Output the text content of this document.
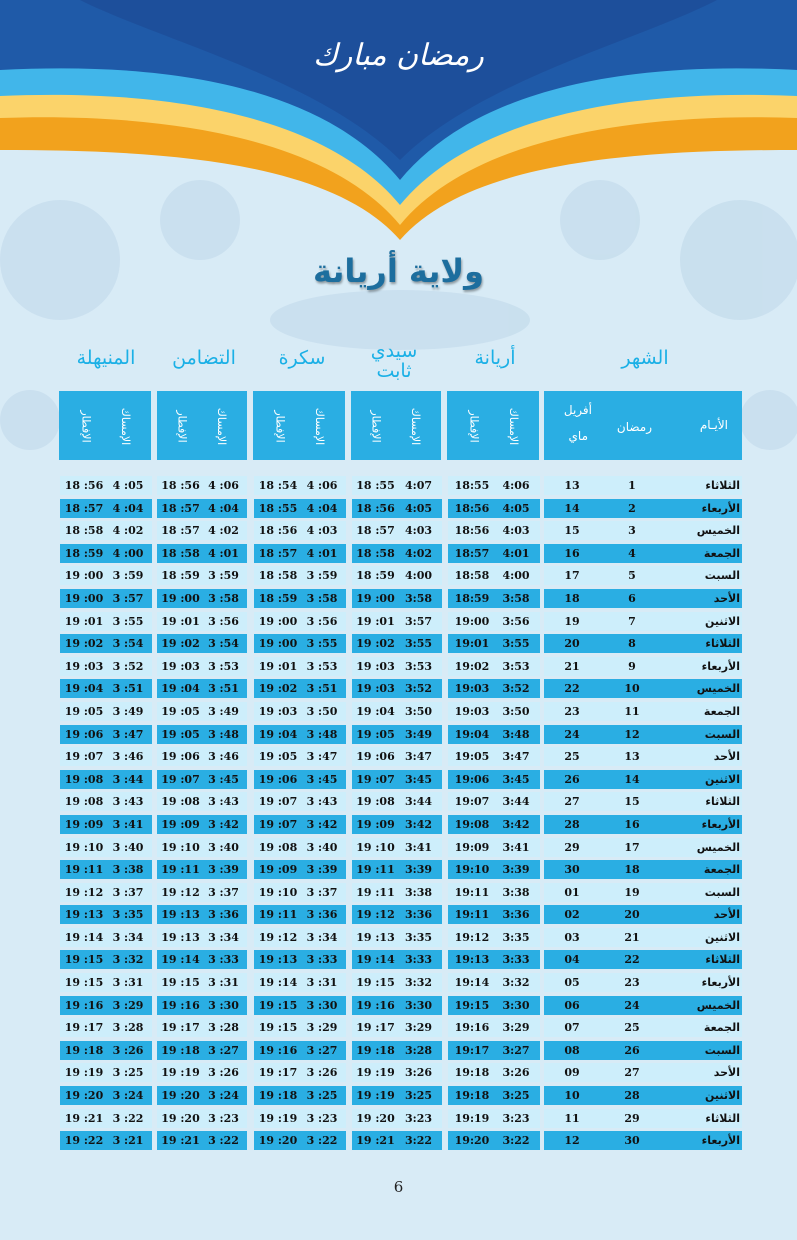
رمضان مبارك
ولاية أريانة
الشهر
أريانة
سيدي ثابت
سكرة
التضامن
المنيهلة
الأيـام
رمضان
أفريل
ماي
الإمساك
الإفطار
الإمساك
الإفطار
الإمساك
الإفطار
الإمساك
الإفطار
الإمساك
الإفطار
الثلاثاء
1
13
4:06
18:55
4:07
18 :55
4 :06
18 :54
4 :06
18 :56
4 :05
18 :56
الأربعاء
2
14
4:05
18:56
4:05
18 :56
4 :04
18 :55
4 :04
18 :57
4 :04
18 :57
الخميس
3
15
4:03
18:56
4:03
18 :57
4 :03
18 :56
4 :02
18 :57
4 :02
18 :58
الجمعة
4
16
4:01
18:57
4:02
18 :58
4 :01
18 :57
4 :01
18 :58
4 :00
18 :59
السبت
5
17
4:00
18:58
4:00
18 :59
3 :59
18 :58
3 :59
18 :59
3 :59
19 :00
الأحد
6
18
3:58
18:59
3:58
19 :00
3 :58
18 :59
3 :58
19 :00
3 :57
19 :00
الاثنين
7
19
3:56
19:00
3:57
19 :01
3 :56
19 :00
3 :56
19 :01
3 :55
19 :01
الثلاثاء
8
20
3:55
19:01
3:55
19 :02
3 :55
19 :00
3 :54
19 :02
3 :54
19 :02
الأربعاء
9
21
3:53
19:02
3:53
19 :03
3 :53
19 :01
3 :53
19 :03
3 :52
19 :03
الخميس
10
22
3:52
19:03
3:52
19 :03
3 :51
19 :02
3 :51
19 :04
3 :51
19 :04
الجمعة
11
23
3:50
19:03
3:50
19 :04
3 :50
19 :03
3 :49
19 :05
3 :49
19 :05
السبت
12
24
3:48
19:04
3:49
19 :05
3 :48
19 :04
3 :48
19 :05
3 :47
19 :06
الأحد
13
25
3:47
19:05
3:47
19 :06
3 :47
19 :05
3 :46
19 :06
3 :46
19 :07
الاثنين
14
26
3:45
19:06
3:45
19 :07
3 :45
19 :06
3 :45
19 :07
3 :44
19 :08
الثلاثاء
15
27
3:44
19:07
3:44
19 :08
3 :43
19 :07
3 :43
19 :08
3 :43
19 :08
الأربعاء
16
28
3:42
19:08
3:42
19 :09
3 :42
19 :07
3 :42
19 :09
3 :41
19 :09
الخميس
17
29
3:41
19:09
3:41
19 :10
3 :40
19 :08
3 :40
19 :10
3 :40
19 :10
الجمعة
18
30
3:39
19:10
3:39
19 :11
3 :39
19 :09
3 :39
19 :11
3 :38
19 :11
السبت
19
01
3:38
19:11
3:38
19 :11
3 :37
19 :10
3 :37
19 :12
3 :37
19 :12
الأحد
20
02
3:36
19:11
3:36
19 :12
3 :36
19 :11
3 :36
19 :13
3 :35
19 :13
الاثنين
21
03
3:35
19:12
3:35
19 :13
3 :34
19 :12
3 :34
19 :13
3 :34
19 :14
الثلاثاء
22
04
3:33
19:13
3:33
19 :14
3 :33
19 :13
3 :33
19 :14
3 :32
19 :15
الأربعاء
23
05
3:32
19:14
3:32
19 :15
3 :31
19 :14
3 :31
19 :15
3 :31
19 :15
الخميس
24
06
3:30
19:15
3:30
19 :16
3 :30
19 :15
3 :30
19 :16
3 :29
19 :16
الجمعة
25
07
3:29
19:16
3:29
19 :17
3 :29
19 :15
3 :28
19 :17
3 :28
19 :17
السبت
26
08
3:27
19:17
3:28
19 :18
3 :27
19 :16
3 :27
19 :18
3 :26
19 :18
الأحد
27
09
3:26
19:18
3:26
19 :19
3 :26
19 :17
3 :26
19 :19
3 :25
19 :19
الاثنين
28
10
3:25
19:18
3:25
19 :19
3 :25
19 :18
3 :24
19 :20
3 :24
19 :20
الثلاثاء
29
11
3:23
19:19
3:23
19 :20
3 :23
19 :19
3 :23
19 :20
3 :22
19 :21
الأربعاء
30
12
3:22
19:20
3:22
19 :21
3 :22
19 :20
3 :22
19 :21
3 :21
19 :22
6
